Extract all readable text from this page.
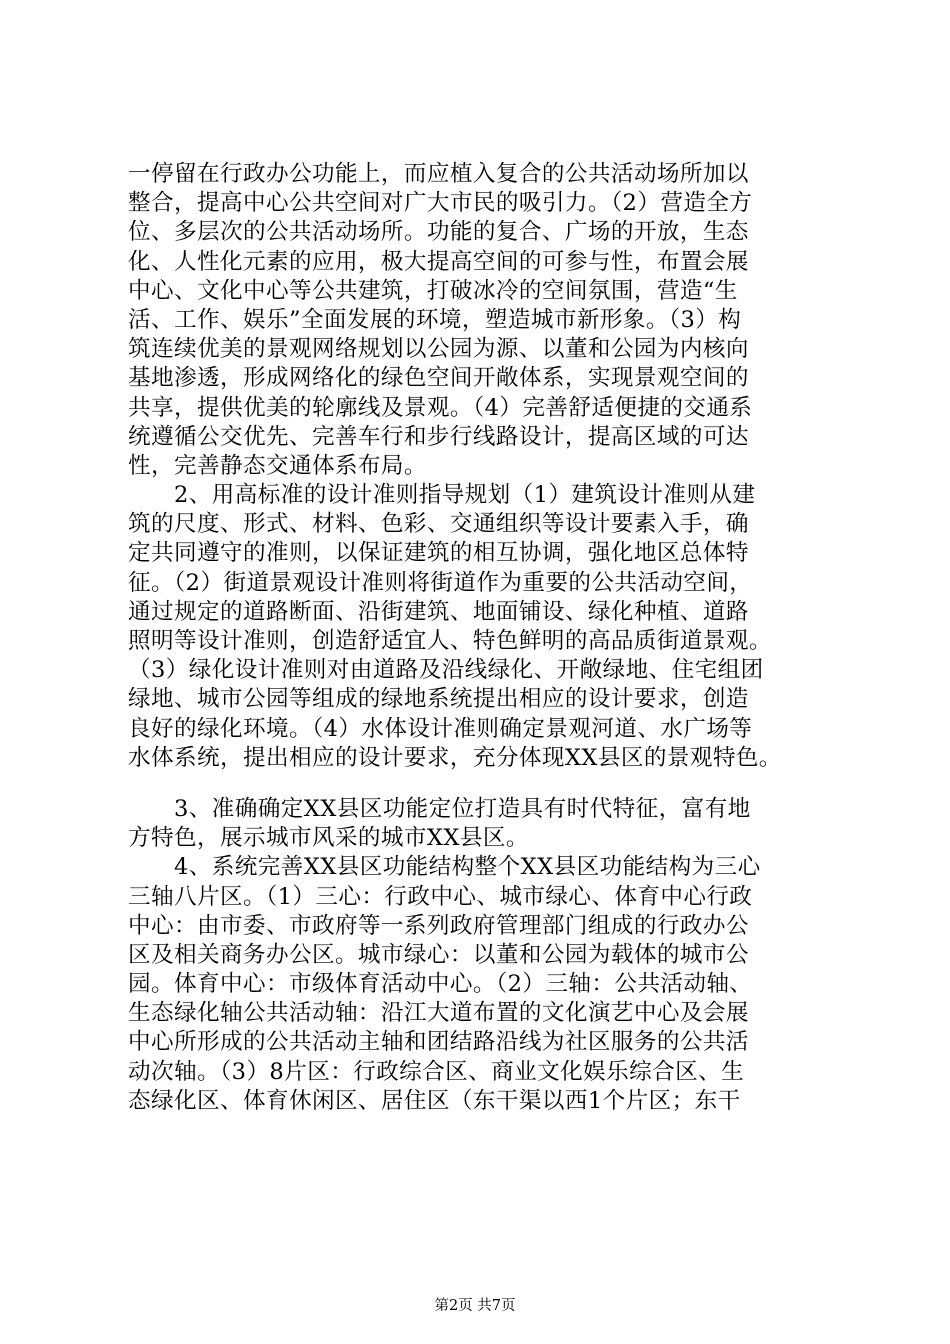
一停留在行政办公功能上，而应植入复合的公共活动场所加以
整合，提高中心公共空间对广大市民的吸引力。（2）营造全方
位、多层次的公共活动场所。功能的复合、广场的开放，生态
化、人性化元素的应用，极大提高空间的可参与性，布置会展
中心、文化中心等公共建筑，打破冰冷的空间氛围，营造“生
活、工作、娱乐”全面发展的环境，塑造城市新形象。（3）构
筑连续优美的景观网络规划以公园为源、以董和公园为内核向
基地渗透，形成网络化的绿色空间开敞体系，实现景观空间的
共享，提供优美的轮廓线及景观。（4）完善舒适便捷的交通系
统遵循公交优先、完善车行和步行线路设计，提高区域的可达
性，完善静态交通体系布局。
　　2、用高标准的设计准则指导规划（1）建筑设计准则从建
筑的尺度、形式、材料、色彩、交通组织等设计要素入手，确
定共同遵守的准则，以保证建筑的相互协调，强化地区总体特
征。（2）街道景观设计准则将街道作为重要的公共活动空间，
通过规定的道路断面、沿街建筑、地面铺设、绿化种植、道路
照明等设计准则，创造舒适宜人、特色鲜明的高品质街道景观。
（3）绿化设计准则对由道路及沿线绿化、开敞绿地、住宅组团
绿地、城市公园等组成的绿地系统提出相应的设计要求，创造
良好的绿化环境。（4）水体设计准则确定景观河道、水广场等
水体系统，提出相应的设计要求，充分体现XX县区的景观特色。
　　3、准确确定XX县区功能定位打造具有时代特征，富有地
方特色，展示城市风采的城市XX县区。
　　4、系统完善XX县区功能结构整个XX县区功能结构为三心
三轴八片区。（1）三心：行政中心、城市绿心、体育中心行政
中心：由市委、市政府等一系列政府管理部门组成的行政办公
区及相关商务办公区。城市绿心：以董和公园为载体的城市公
园。体育中心：市级体育活动中心。（2）三轴：公共活动轴、
生态绿化轴公共活动轴：沿江大道布置的文化演艺中心及会展
中心所形成的公共活动主轴和团结路沿线为社区服务的公共活
动次轴。（3）8片区：行政综合区、商业文化娱乐综合区、生
态绿化区、体育休闲区、居住区（东干渠以西1个片区；东干
第2页 共7页
